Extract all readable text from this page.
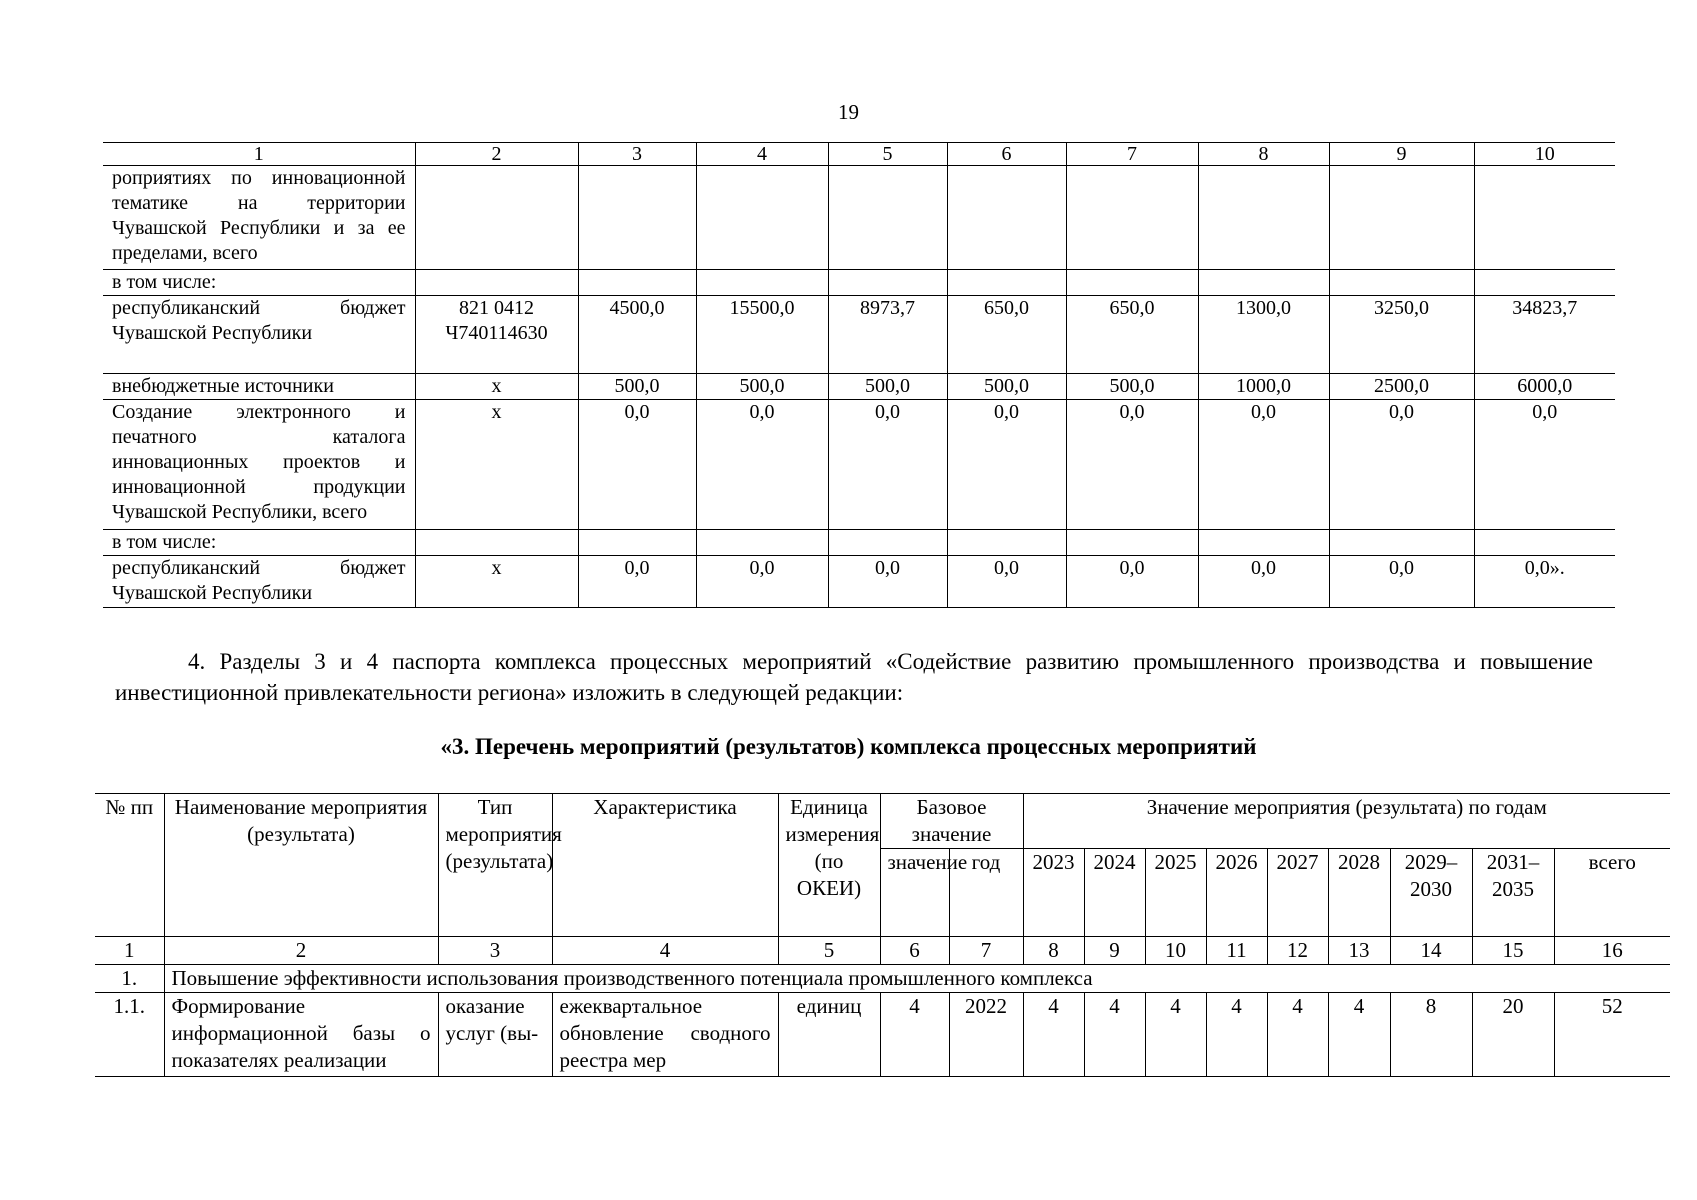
19
1	2	3	4	5	6	7	8	9	10
роприятиях по инновационной тематике на территории Чувашской Республики и за ее пределами, всего									
в том числе:									
республиканский бюджет Чувашской Республики	821 0412 Ч740114630	4500,0	15500,0	8973,7	650,0	650,0	1300,0	3250,0	34823,7
внебюджетные источники	x	500,0	500,0	500,0	500,0	500,0	1000,0	2500,0	6000,0
Создание электронного и печатного каталога инновационных проектов и инновационной продукции Чувашской Республики, всего	x	0,0	0,0	0,0	0,0	0,0	0,0	0,0	0,0
в том числе:									
республиканский бюджет Чувашской Республики	x	0,0	0,0	0,0	0,0	0,0	0,0	0,0	0,0».
4. Разделы 3 и 4 паспорта комплекса процессных мероприятий «Содействие развитию промышленного производства и повышение инвестиционной привлекательности региона» изложить в следующей редакции:
«3. Перечень мероприятий (результатов) комплекса процессных мероприятий
№ пп	Наименование мероприятия (результата)	Тип мероприятия (результата)	Характеристика	Единица измерения (по ОКЕИ)	Базовое значение		Значение мероприятия (результата) по годам								
					значение	год	2023	2024	2025	2026	2027	2028	2029–2030	2031–2035	всего
1	2	3	4	5	6	7	8	9	10	11	12	13	14	15	16
1.	Повышение эффективности использования производственного потенциала промышленного комплекса														
1.1.	Формирование информационной базы о показателях реализации	оказание услуг (вы-	ежеквартальное обновление сводного реестра мер	единиц	4	2022	4	4	4	4	4	4	8	20	52
